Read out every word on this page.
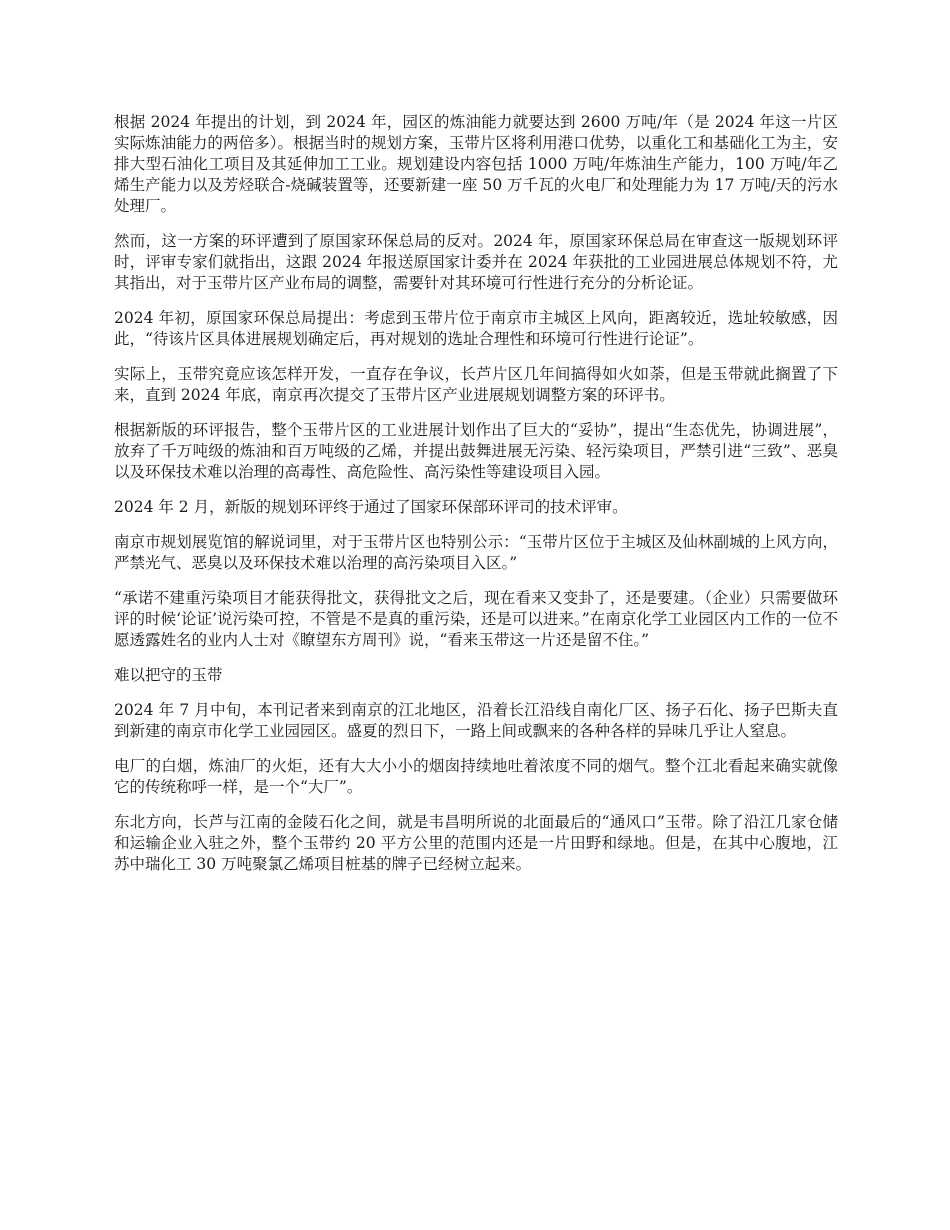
根据 2024 年提出的计划，到 2024 年，园区的炼油能力就要达到 2600 万吨/年（是 2024 年这一片区实际炼油能力的两倍多）。根据当时的规划方案，玉带片区将利用港口优势，以重化工和基础化工为主，安排大型石油化工项目及其延伸加工工业。规划建设内容包括 1000 万吨/年炼油生产能力，100 万吨/年乙烯生产能力以及芳烃联合-烧碱装置等，还要新建一座 50 万千瓦的火电厂和处理能力为 17 万吨/天的污水处理厂。

然而，这一方案的环评遭到了原国家环保总局的反对。2024 年，原国家环保总局在审查这一版规划环评时，评审专家们就指出，这跟 2024 年报送原国家计委并在 2024 年获批的工业园进展总体规划不符，尤其指出，对于玉带片区产业布局的调整，需要针对其环境可行性进行充分的分析论证。

2024 年初，原国家环保总局提出：考虑到玉带片位于南京市主城区上风向，距离较近，选址较敏感，因此，“待该片区具体进展规划确定后，再对规划的选址合理性和环境可行性进行论证”。

实际上，玉带究竟应该怎样开发，一直存在争议，长芦片区几年间搞得如火如荼，但是玉带就此搁置了下来，直到 2024 年底，南京再次提交了玉带片区产业进展规划调整方案的环评书。

根据新版的环评报告，整个玉带片区的工业进展计划作出了巨大的“妥协”，提出“生态优先，协调进展”，放弃了千万吨级的炼油和百万吨级的乙烯，并提出鼓舞进展无污染、轻污染项目，严禁引进“三致”、恶臭以及环保技术难以治理的高毒性、高危险性、高污染性等建设项目入园。

2024 年 2 月，新版的规划环评终于通过了国家环保部环评司的技术评审。

南京市规划展览馆的解说词里，对于玉带片区也特别公示：“玉带片区位于主城区及仙林副城的上风方向，严禁光气、恶臭以及环保技术难以治理的高污染项目入区。”

“承诺不建重污染项目才能获得批文，获得批文之后，现在看来又变卦了，还是要建。（企业）只需要做环评的时候‘论证’说污染可控，不管是不是真的重污染，还是可以进来。”在南京化学工业园区内工作的一位不愿透露姓名的业内人士对《瞭望东方周刊》说，“看来玉带这一片还是留不住。”

难以把守的玉带

2024 年 7 月中旬，本刊记者来到南京的江北地区，沿着长江沿线自南化厂区、扬子石化、扬子巴斯夫直到新建的南京市化学工业园园区。盛夏的烈日下，一路上间或飘来的各种各样的异味几乎让人窒息。

电厂的白烟，炼油厂的火炬，还有大大小小的烟囱持续地吐着浓度不同的烟气。整个江北看起来确实就像它的传统称呼一样，是一个“大厂”。

东北方向，长芦与江南的金陵石化之间，就是韦昌明所说的北面最后的“通风口”玉带。除了沿江几家仓储和运输企业入驻之外，整个玉带约 20 平方公里的范围内还是一片田野和绿地。但是，在其中心腹地，江苏中瑞化工 30 万吨聚氯乙烯项目桩基的牌子已经树立起来。
